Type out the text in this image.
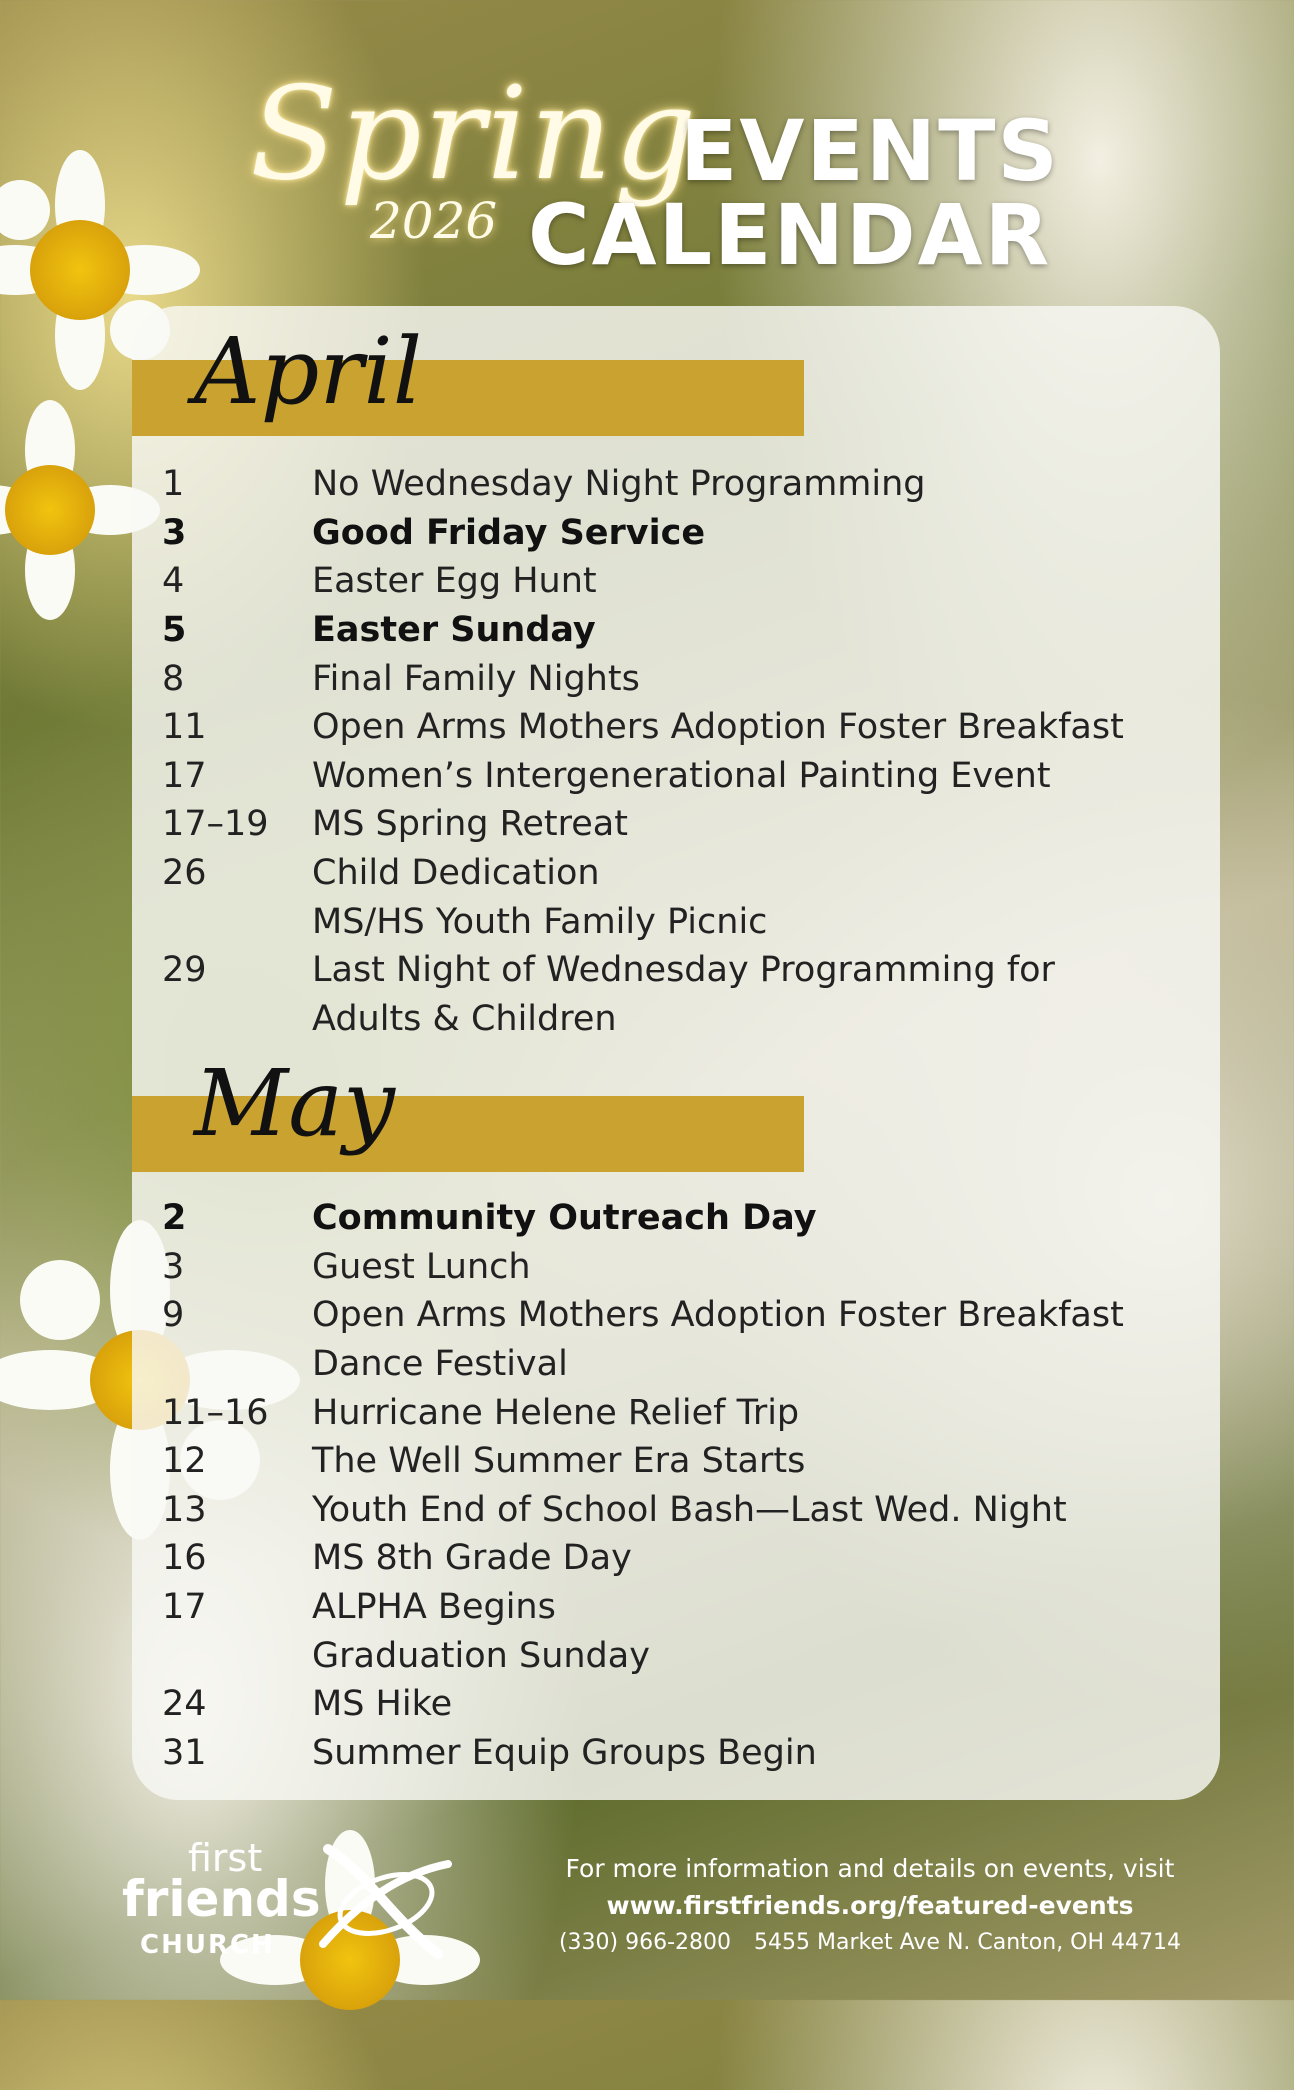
Spring
2026
EVENTS
CALENDAR
April
1	No Wednesday Night Programming
3	Good Friday Service
4	Easter Egg Hunt
5	Easter Sunday
8	Final Family Nights
11	Open Arms Mothers Adoption Foster Breakfast
17	Women’s Intergenerational Painting Event
17–19	MS Spring Retreat
26	Child Dedication
MS/HS Youth Family Picnic
29	Last Night of Wednesday Programming for
Adults & Children
May
2	Community Outreach Day
3	Guest Lunch
9	Open Arms Mothers Adoption Foster Breakfast
Dance Festival
11–16	Hurricane Helene Relief Trip
12	The Well Summer Era Starts
13	Youth End of School Bash—Last Wed. Night
16	MS 8th Grade Day
17	ALPHA Begins
Graduation Sunday
24	MS Hike
31	Summer Equip Groups Begin
first
friends
CHURCH
For more information and details on events, visit
www.firstfriends.org/featured-events
(330) 966-2800 5455 Market Ave N. Canton, OH 44714
